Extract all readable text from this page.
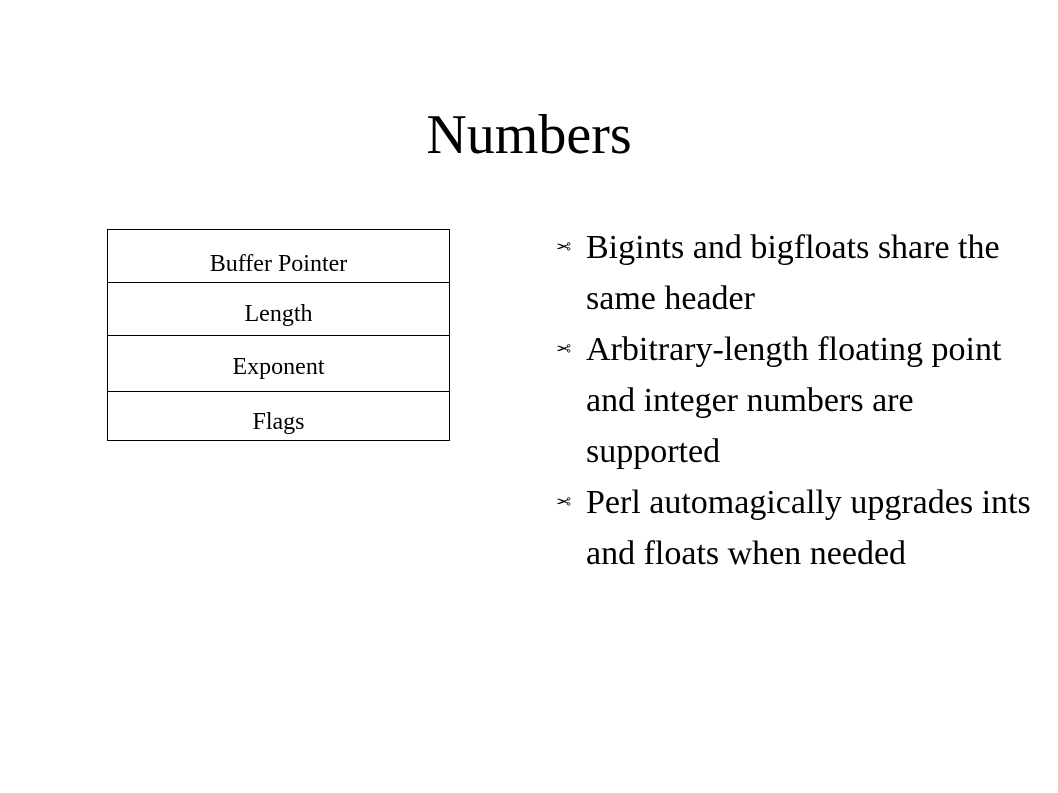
Numbers
Buffer Pointer
Length
Exponent
Flags
✂ Bigints and bigfloats share the same header
✂ Arbitrary-length floating point and integer numbers are supported
✂ Perl automagically upgrades ints and floats when needed
